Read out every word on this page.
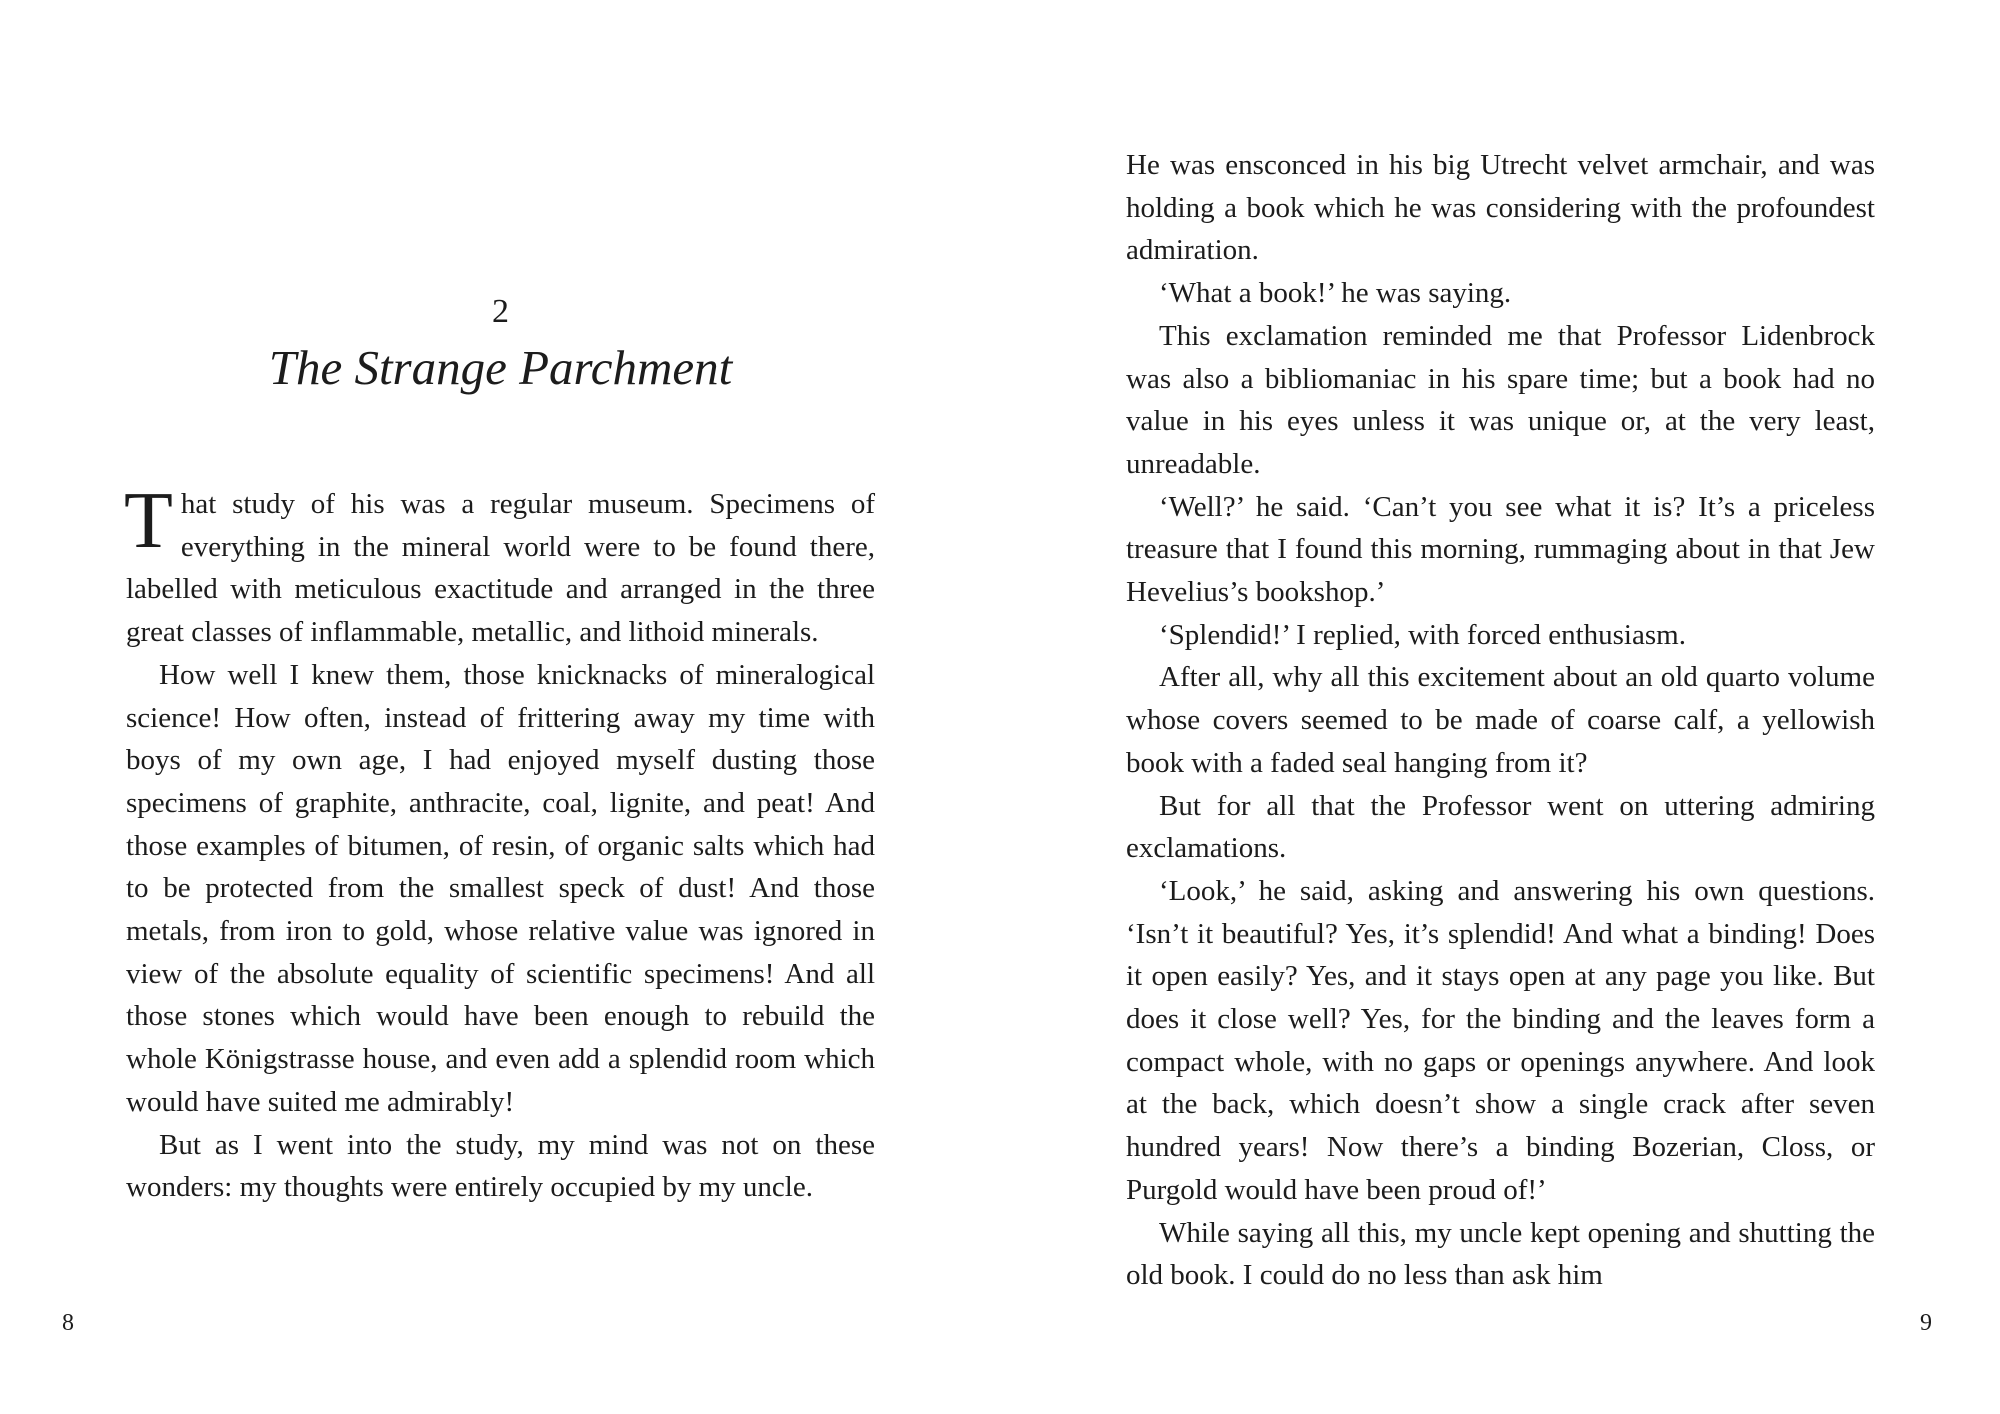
2
The Strange Parchment

That study of his was a regular museum. Specimens of everything in the mineral world were to be found there, labelled with meticulous exactitude and arranged in the three great classes of inflammable, metallic, and lithoid minerals.

How well I knew them, those knicknacks of mineralogical science! How often, instead of frittering away my time with boys of my own age, I had enjoyed myself dusting those specimens of graphite, anthracite, coal, lignite, and peat! And those examples of bitumen, of resin, of organic salts which had to be protected from the smallest speck of dust! And those metals, from iron to gold, whose relative value was ignored in view of the absolute equality of scientific specimens! And all those stones which would have been enough to rebuild the whole Königstrasse house, and even add a splendid room which would have suited me admirably!

But as I went into the study, my mind was not on these wonders: my thoughts were entirely occupied by my uncle.

8

He was ensconced in his big Utrecht velvet armchair, and was holding a book which he was considering with the profoundest admiration.

‘What a book!’ he was saying.

This exclamation reminded me that Professor Lidenbrock was also a bibliomaniac in his spare time; but a book had no value in his eyes unless it was unique or, at the very least, unreadable.

‘Well?’ he said. ‘Can’t you see what it is? It’s a priceless treasure that I found this morning, rummaging about in that Jew Hevelius’s bookshop.’

‘Splendid!’ I replied, with forced enthusiasm.

After all, why all this excitement about an old quarto volume whose covers seemed to be made of coarse calf, a yellowish book with a faded seal hanging from it?

But for all that the Professor went on uttering admiring exclamations.

‘Look,’ he said, asking and answering his own questions. ‘Isn’t it beautiful? Yes, it’s splendid! And what a binding! Does it open easily? Yes, and it stays open at any page you like. But does it close well? Yes, for the binding and the leaves form a compact whole, with no gaps or openings anywhere. And look at the back, which doesn’t show a single crack after seven hundred years! Now there’s a binding Bozerian, Closs, or Purgold would have been proud of!’

While saying all this, my uncle kept opening and shutting the old book. I could do no less than ask him

9
